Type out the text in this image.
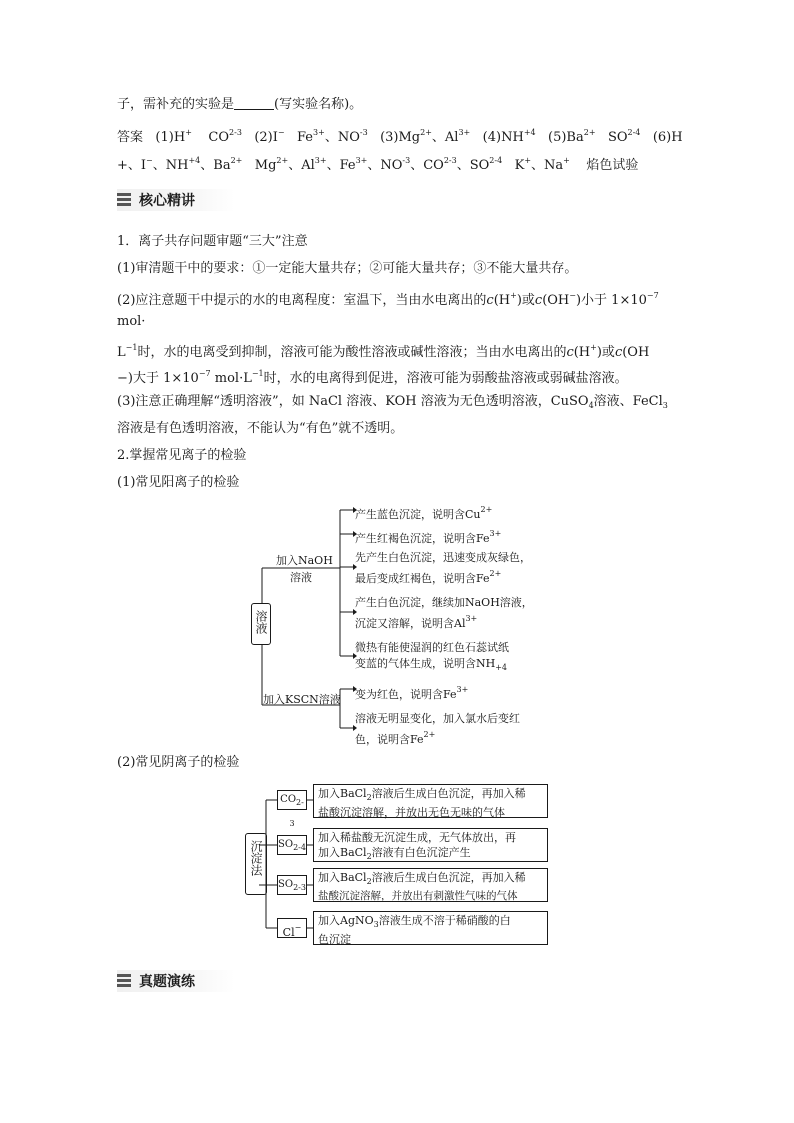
子，需补充的实验是	(写实验名称)。
答案 (1)H+ CO$^{2-3}$ (2)I− $Fe^{3+}$、$NO^{-3}$ $(3)Mg^{2+}$、$Al^{3+}$ $(4)NH^{+4}$ $(5)Ba^{2+}$ SO$^{2-4}$ (6)H
+、I−、$NH^{+4}$、$Ba^{2+}$ $Mg^{2+}$、$Al^{3+}$、$Fe^{3+}$、$NO^{-3}$、CO$^{2-3}$、SO$^{2-4}$ K+、Na+ 焰色试验
核心精讲
1．离子共存问题审题“三大”注意
(1)审清题干中的要求：①一定能大量共存；②可能大量共存；③不能大量共存。
(2)应注意题干中提示的水的电离程度：室温下，当由水电离出的c(H+)或c(OH−)小于 $1\times 10^{-7}$
mol·
$L^{-1}$时，水的电离受到抑制，溶液可能为酸性溶液或碱性溶液；当由水电离出的c(H+)或c(OH
−)大于 $1\times 10^{-7}$ $mol\cdot L^{-1}$时，水的电离得到促进，溶液可能为弱酸盐溶液或弱碱盐溶液。
(3)注意正确理解“透明溶液”，如 NaCl 溶液、KOH 溶液为无色透明溶液，CuSO$_4$溶液、FeCl$_3$
溶液是有色透明溶液，不能认为“有色”就不透明。
2.掌握常见离子的检验
(1)常见阳离子的检验
溶液
加入NaOH
溶液
加入KSCN溶液
产生蓝色沉淀，说明含$Cu^{2+}$
产生红褐色沉淀，说明含$Fe^{3+}$
先产生白色沉淀，迅速变成灰绿色，
最后变成红褐色，说明含$Fe^{2+}$
产生白色沉淀，继续加NaOH溶液，
沉淀又溶解，说明含$Al^{3+}$
微热有能使湿润的红色石蕊试纸
变蓝的气体生成，说明含$NH_{+4}$
变为红色，说明含$Fe^{3+}$
溶液无明显变化，加入氯水后变红
色，说明含$Fe^{2+}$
(2)常见阴离子的检验
沉淀法
$CO_{2-3}$
$SO_{2-4}$
$SO_{2-3}$
Cl−
加入BaCl$_2$溶液后生成白色沉淀，再加入稀
盐酸沉淀溶解，并放出无色无味的气体
加入稀盐酸无沉淀生成，无气体放出，再
加入BaCl$_2$溶液有白色沉淀产生
加入BaCl$_2$溶液后生成白色沉淀，再加入稀
盐酸沉淀溶解，并放出有刺激性气味的气体
加入AgNO$_3$溶液生成不溶于稀硝酸的白
色沉淀
真题演练
